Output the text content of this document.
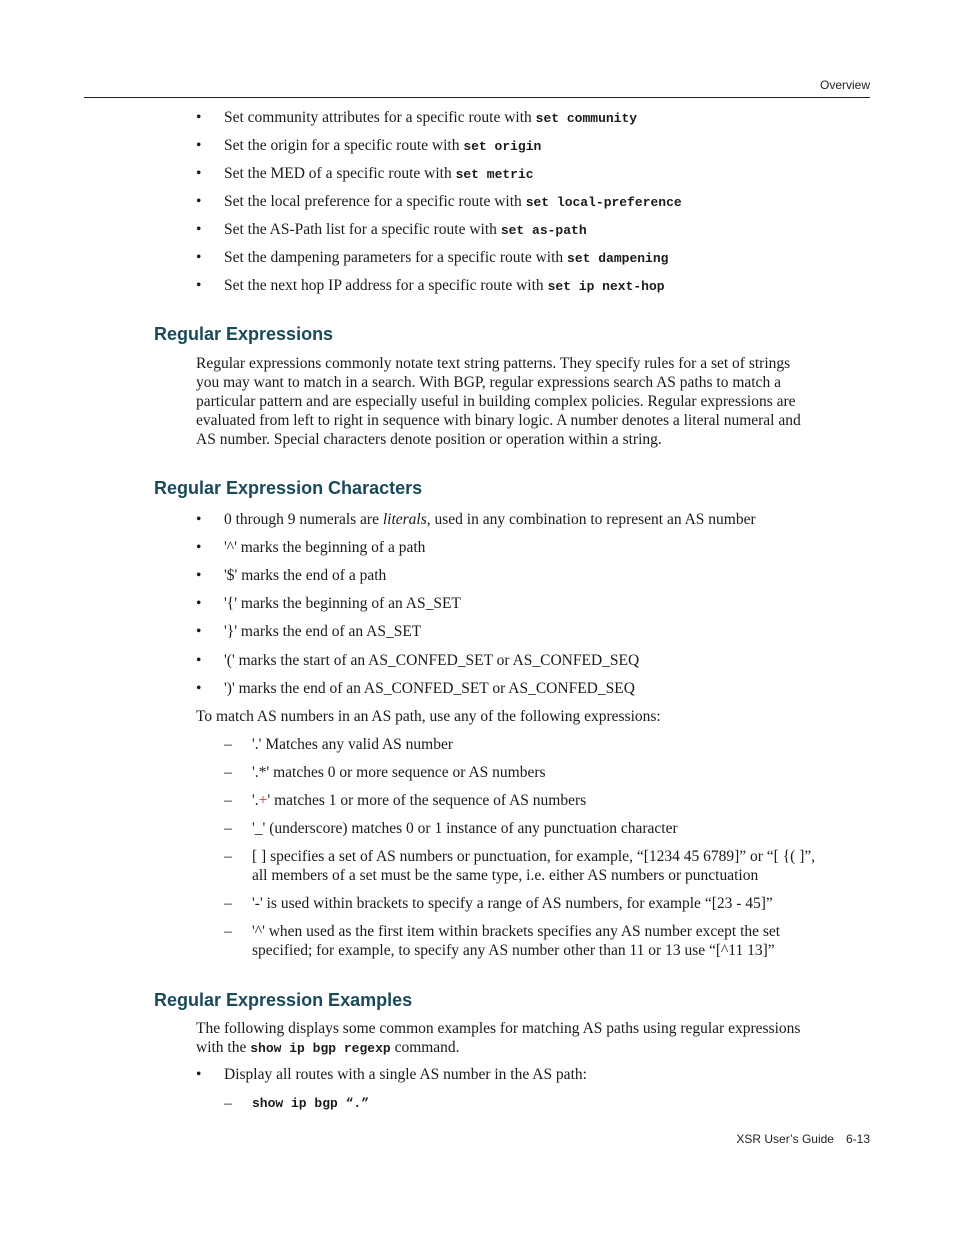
Overview
• Set community attributes for a specific route with set community
• Set the origin for a specific route with set origin
• Set the MED of a specific route with set metric
• Set the local preference for a specific route with set local-preference
• Set the AS-Path list for a specific route with set as-path
• Set the dampening parameters for a specific route with set dampening
• Set the next hop IP address for a specific route with set ip next-hop
Regular Expressions
Regular expressions commonly notate text string patterns. They specify rules for a set of strings
you may want to match in a search. With BGP, regular expressions search AS paths to match a
particular pattern and are especially useful in building complex policies. Regular expressions are
evaluated from left to right in sequence with binary logic. A number denotes a literal numeral and
AS number. Special characters denote position or operation within a string.
Regular Expression Characters
• 0 through 9 numerals are literals, used in any combination to represent an AS number
• '^' marks the beginning of a path
• '$' marks the end of a path
• '{' marks the beginning of an AS_SET
• '}' marks the end of an AS_SET
• '(' marks the start of an AS_CONFED_SET or AS_CONFED_SEQ
• ')' marks the end of an AS_CONFED_SET or AS_CONFED_SEQ
To match AS numbers in an AS path, use any of the following expressions:
– '.' Matches any valid AS number
– '.*' matches 0 or more sequence or AS numbers
– '.+' matches 1 or more of the sequence of AS numbers
– '_' (underscore) matches 0 or 1 instance of any punctuation character
– [ ] specifies a set of AS numbers or punctuation, for example, “[1234 45 6789]” or “[ {( ]”,
all members of a set must be the same type, i.e. either AS numbers or punctuation
– '-' is used within brackets to specify a range of AS numbers, for example “[23 - 45]”
– '^' when used as the first item within brackets specifies any AS number except the set
specified; for example, to specify any AS number other than 11 or 13 use “[^11 13]”
Regular Expression Examples
The following displays some common examples for matching AS paths using regular expressions
with the show ip bgp regexp command.
• Display all routes with a single AS number in the AS path:
– show ip bgp “.”
XSR User’s Guide 6-13
